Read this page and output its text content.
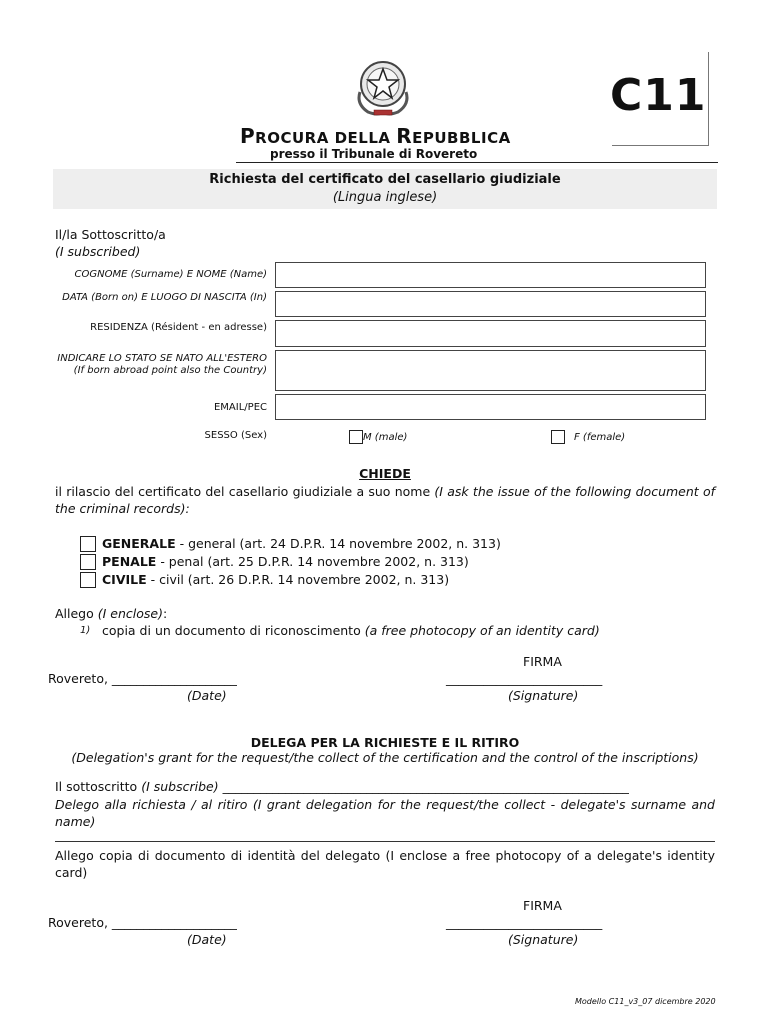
C11
PROCURA DELLA REPUBBLICA
presso il Tribunale di Rovereto
Richiesta del certificato del casellario giudiziale
(Lingua inglese)
Il/la Sottoscritto/a
(I subscribed)
COGNOME (Surname) E NOME (Name)
DATA (Born on) E LUOGO DI NASCITA (In)
RESIDENZA (Résident - en adresse)
INDICARE LO STATO SE NATO ALL'ESTERO (If born abroad point also the Country)
EMAIL/PEC
SESSO (Sex)	M (male)	F (female)
CHIEDE
il rilascio del certificato del casellario giudiziale a suo nome (I ask the issue of the following document of the criminal records):
GENERALE - general (art. 24 D.P.R. 14 novembre 2002, n. 313)
PENALE - penal (art. 25 D.P.R. 14 novembre 2002, n. 313)
CIVILE - civil (art. 26 D.P.R. 14 novembre 2002, n. 313)
Allego (I enclose):
1) copia di un documento di riconoscimento (a free photocopy of an identity card)
FIRMA
Rovereto, ____________________	_________________________
(Date)	(Signature)
DELEGA PER LA RICHIESTE E IL RITIRO
(Delegation's grant for the request/the collect of the certification and the control of the inscriptions)
Il sottoscritto (I subscribe) _________________________________________________________________
Delego alla richiesta / al ritiro (I grant delegation for the request/the collect - delegate's surname and name)
Allego copia di documento di identità del delegato (I enclose a free photocopy of a delegate's identity card)
FIRMA
Rovereto, ____________________	_________________________
(Date)	(Signature)
Modello C11_v3_07 dicembre 2020
